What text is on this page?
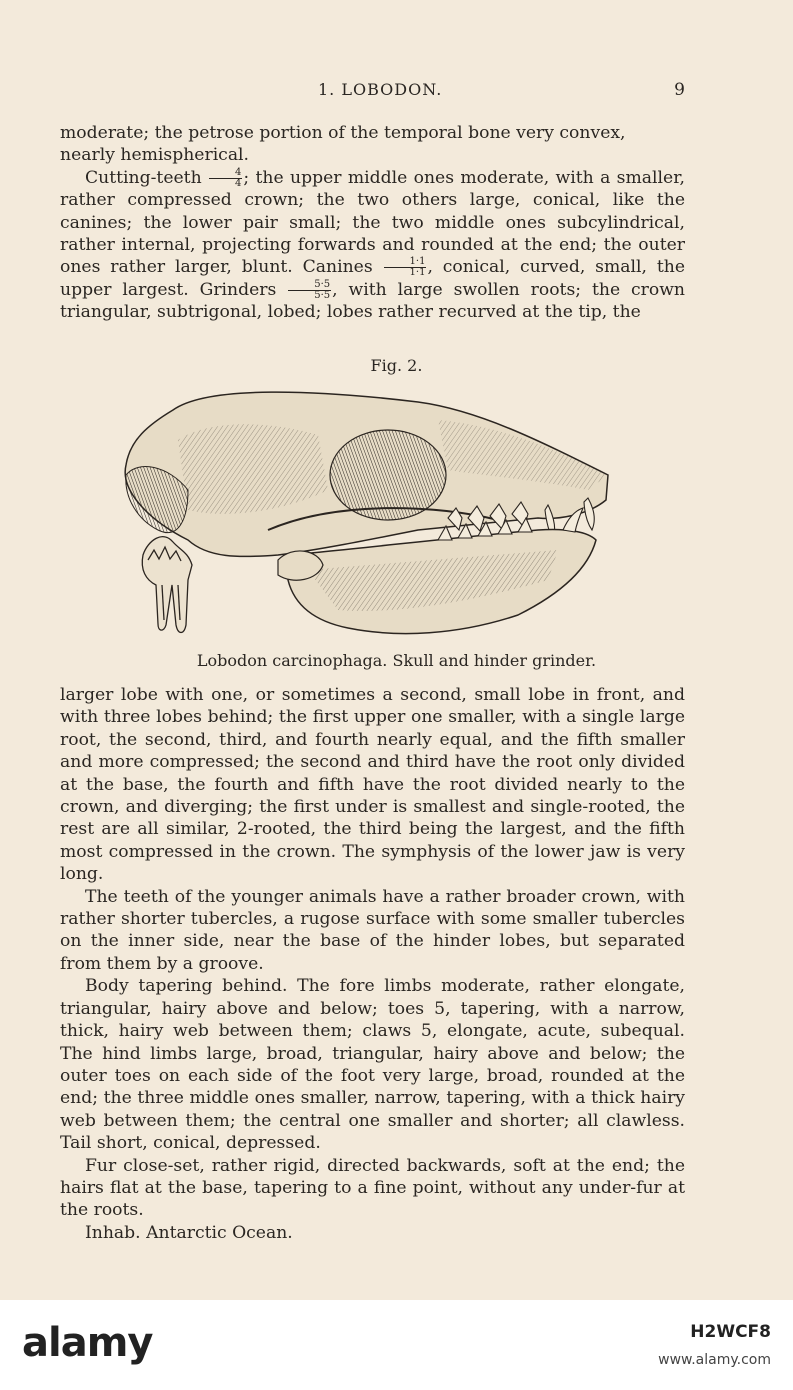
1. LOBODON.	9

moderate; the petrose portion of the temporal bone very convex,
nearly hemispherical.

Cutting-teeth $\frac{4}{4}$ ; the upper middle ones moderate, with a smaller, rather compressed crown; the two others large, conical, like the canines; the lower pair small; the two middle ones subcylindrical, rather internal, projecting forwards and rounded at the end; the outer ones rather larger, blunt. Canines $\frac{1\cdot 1}{1\cdot 1}$ , conical, curved, small, the upper largest. Grinders $\frac{5\cdot 5}{5\cdot 5}$ , with large swollen roots; the crown triangular, subtrigonal, lobed; lobes rather recurved at the tip, the

Fig. 2.
Lobodon carcinophaga. Skull and hinder grinder.

larger lobe with one, or sometimes a second, small lobe in front, and with three lobes behind; the first upper one smaller, with a single large root, the second, third, and fourth nearly equal, and the fifth smaller and more compressed; the second and third have the root only divided at the base, the fourth and fifth have the root divided nearly to the crown, and diverging; the first under is smallest and single-rooted, the rest are all similar, 2-rooted, the third being the largest, and the fifth most compressed in the crown. The symphysis of the lower jaw is very long.

The teeth of the younger animals have a rather broader crown, with rather shorter tubercles, a rugose surface with some smaller tubercles on the inner side, near the base of the hinder lobes, but separated from them by a groove.

Body tapering behind. The fore limbs moderate, rather elongate, triangular, hairy above and below; toes 5, tapering, with a narrow, thick, hairy web between them; claws 5, elongate, acute, subequal. The hind limbs large, broad, triangular, hairy above and below; the outer toes on each side of the foot very large, broad, rounded at the end; the three middle ones smaller, narrow, tapering, with a thick hairy web between them; the central one smaller and shorter; all clawless. Tail short, conical, depressed.

Fur close-set, rather rigid, directed backwards, soft at the end; the hairs flat at the base, tapering to a fine point, without any under-fur at the roots.

Inhab. Antarctic Ocean.

alamy	H2WCF8
www.alamy.com
